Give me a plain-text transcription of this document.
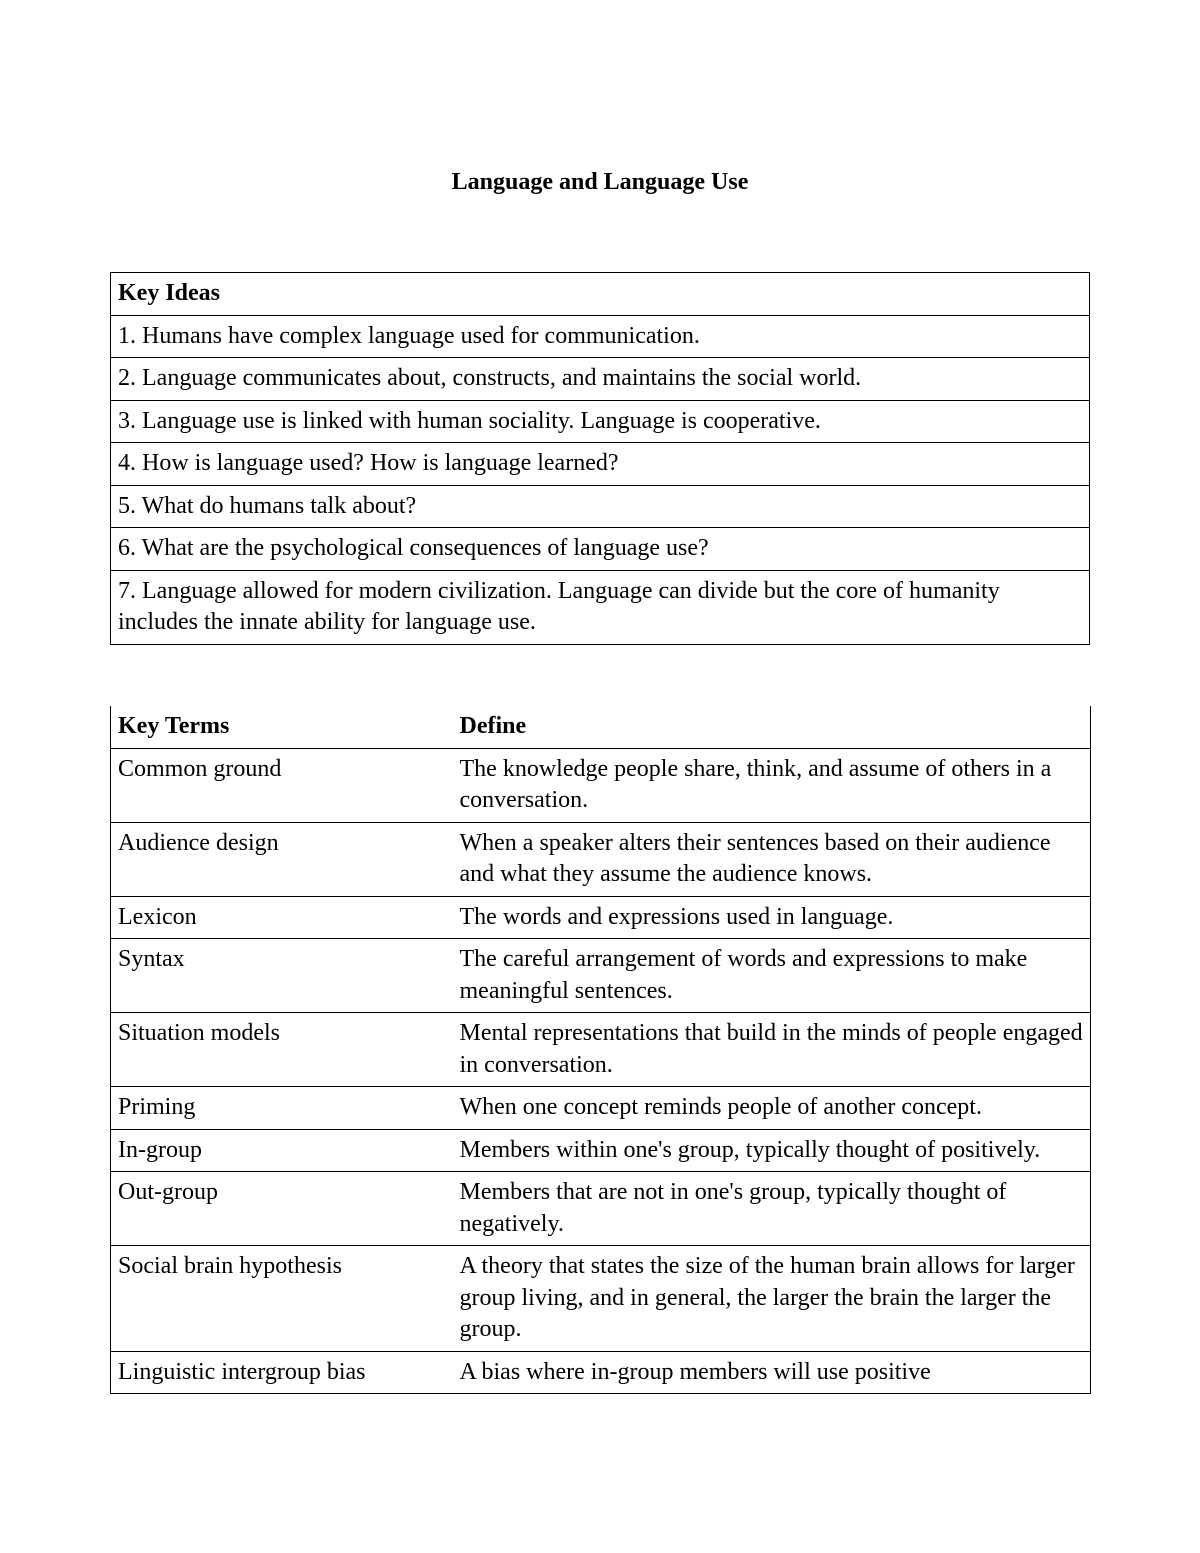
Language and Language Use
Key Ideas
1. Humans have complex language used for communication.
2. Language communicates about, constructs, and maintains the social world.
3. Language use is linked with human sociality. Language is cooperative.
4. How is language used? How is language learned?
5. What do humans talk about?
6. What are the psychological consequences of language use?
7. Language allowed for modern civilization. Language can divide but the core of humanity includes the innate ability for language use.
Key Terms	Define
Common ground	The knowledge people share, think, and assume of others in a conversation.
Audience design	When a speaker alters their sentences based on their audience and what they assume the audience knows.
Lexicon	The words and expressions used in language.
Syntax	The careful arrangement of words and expressions to make meaningful sentences.
Situation models	Mental representations that build in the minds of people engaged in conversation.
Priming	When one concept reminds people of another concept.
In-group	Members within one's group, typically thought of positively.
Out-group	Members that are not in one's group, typically thought of negatively.
Social brain hypothesis	A theory that states the size of the human brain allows for larger group living, and in general, the larger the brain the larger the group.
Linguistic intergroup bias	A bias where in-group members will use positive
